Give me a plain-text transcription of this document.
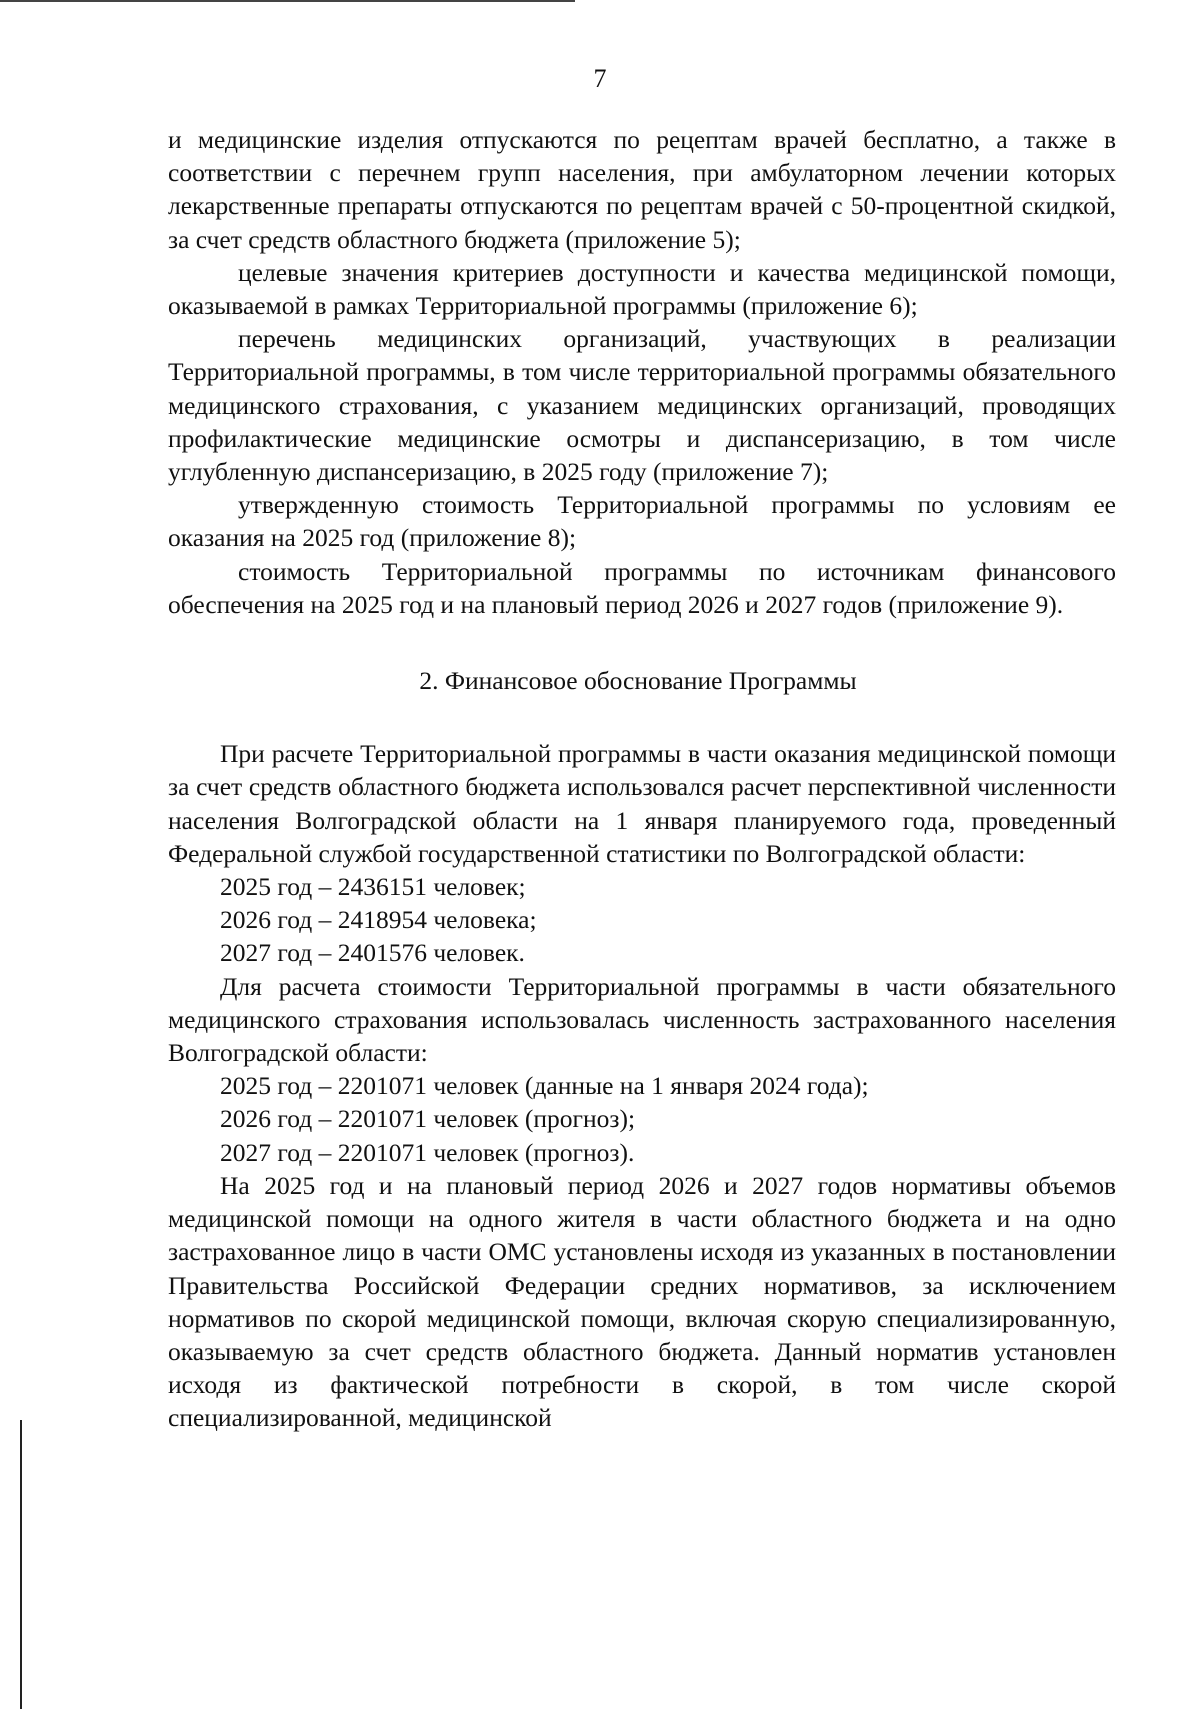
7

и медицинские изделия отпускаются по рецептам врачей бесплатно, а также в соответствии с перечнем групп населения, при амбулаторном лечении которых лекарственные препараты отпускаются по рецептам врачей с 50-процентной скидкой, за счет средств областного бюджета (приложение 5);

целевые значения критериев доступности и качества медицинской помощи, оказываемой в рамках Территориальной программы (приложение 6);

перечень медицинских организаций, участвующих в реализации Территориальной программы, в том числе территориальной программы обязательного медицинского страхования, с указанием медицинских организаций, проводящих профилактические медицинские осмотры и диспансеризацию, в том числе углубленную диспансеризацию, в 2025 году (приложение 7);

утвержденную стоимость Территориальной программы по условиям ее оказания на 2025 год (приложение 8);

стоимость Территориальной программы по источникам финансового обеспечения на 2025 год и на плановый период 2026 и 2027 годов (приложение 9).

2. Финансовое обоснование Программы

При расчете Территориальной программы в части оказания медицинской помощи за счет средств областного бюджета использовался расчет перспективной численности населения Волгоградской области на 1 января планируемого года, проведенный Федеральной службой государственной статистики по Волгоградской области:

2025 год – 2436151 человек;

2026 год – 2418954 человека;

2027 год – 2401576 человек.

Для расчета стоимости Территориальной программы в части обязательного медицинского страхования использовалась численность застрахованного населения Волгоградской области:

2025 год – 2201071 человек (данные на 1 января 2024 года);

2026 год – 2201071 человек (прогноз);

2027 год – 2201071 человек (прогноз).

На 2025 год и на плановый период 2026 и 2027 годов нормативы объемов медицинской помощи на одного жителя в части областного бюджета и на одно застрахованное лицо в части ОМС установлены исходя из указанных в постановлении Правительства Российской Федерации средних нормативов, за исключением нормативов по скорой медицинской помощи, включая скорую специализированную, оказываемую за счет средств областного бюджета. Данный норматив установлен исходя из фактической потребности в скорой, в том числе скорой специализированной, медицинской
